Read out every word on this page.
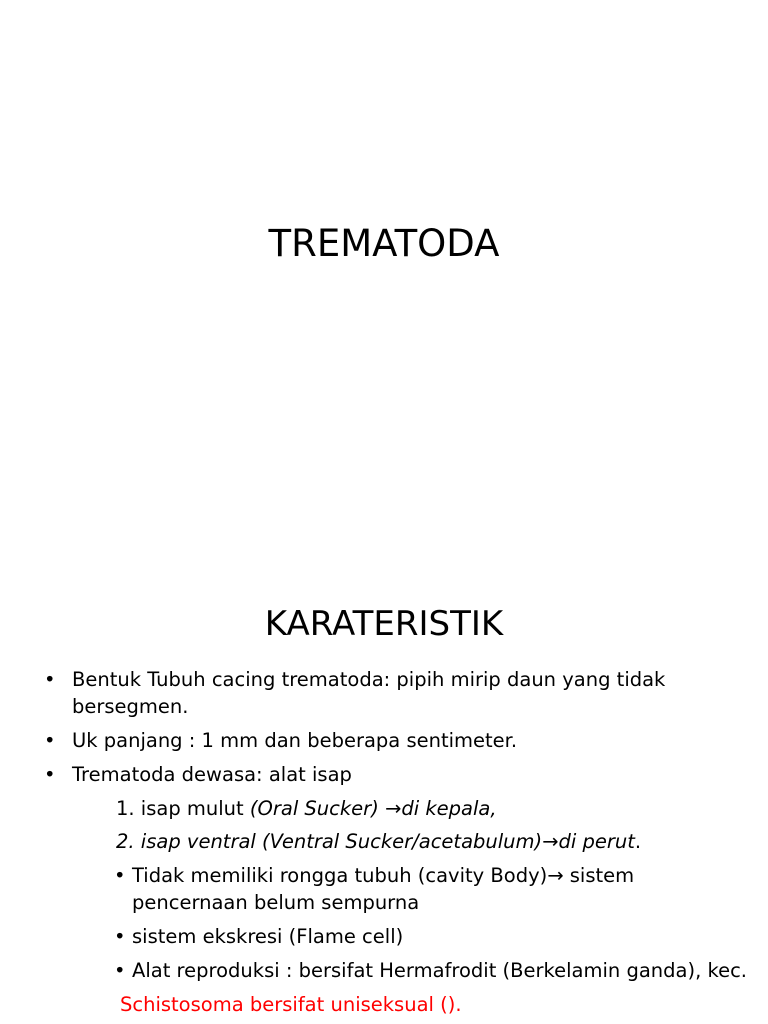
TREMATODA
KARATERISTIK
• Bentuk Tubuh cacing trematoda: pipih mirip daun yang tidak
bersegmen.
• Uk panjang : 1 mm dan beberapa sentimeter.
• Trematoda dewasa: alat isap
1. isap mulut (Oral Sucker) →di kepala,
2. isap ventral (Ventral Sucker/acetabulum)→di perut.
• Tidak memiliki rongga tubuh (cavity Body)→ sistem
pencernaan belum sempurna
• sistem ekskresi (Flame cell)
• Alat reproduksi : bersifat Hermafrodit (Berkelamin ganda), kec.
Schistosoma bersifat uniseksual ().
